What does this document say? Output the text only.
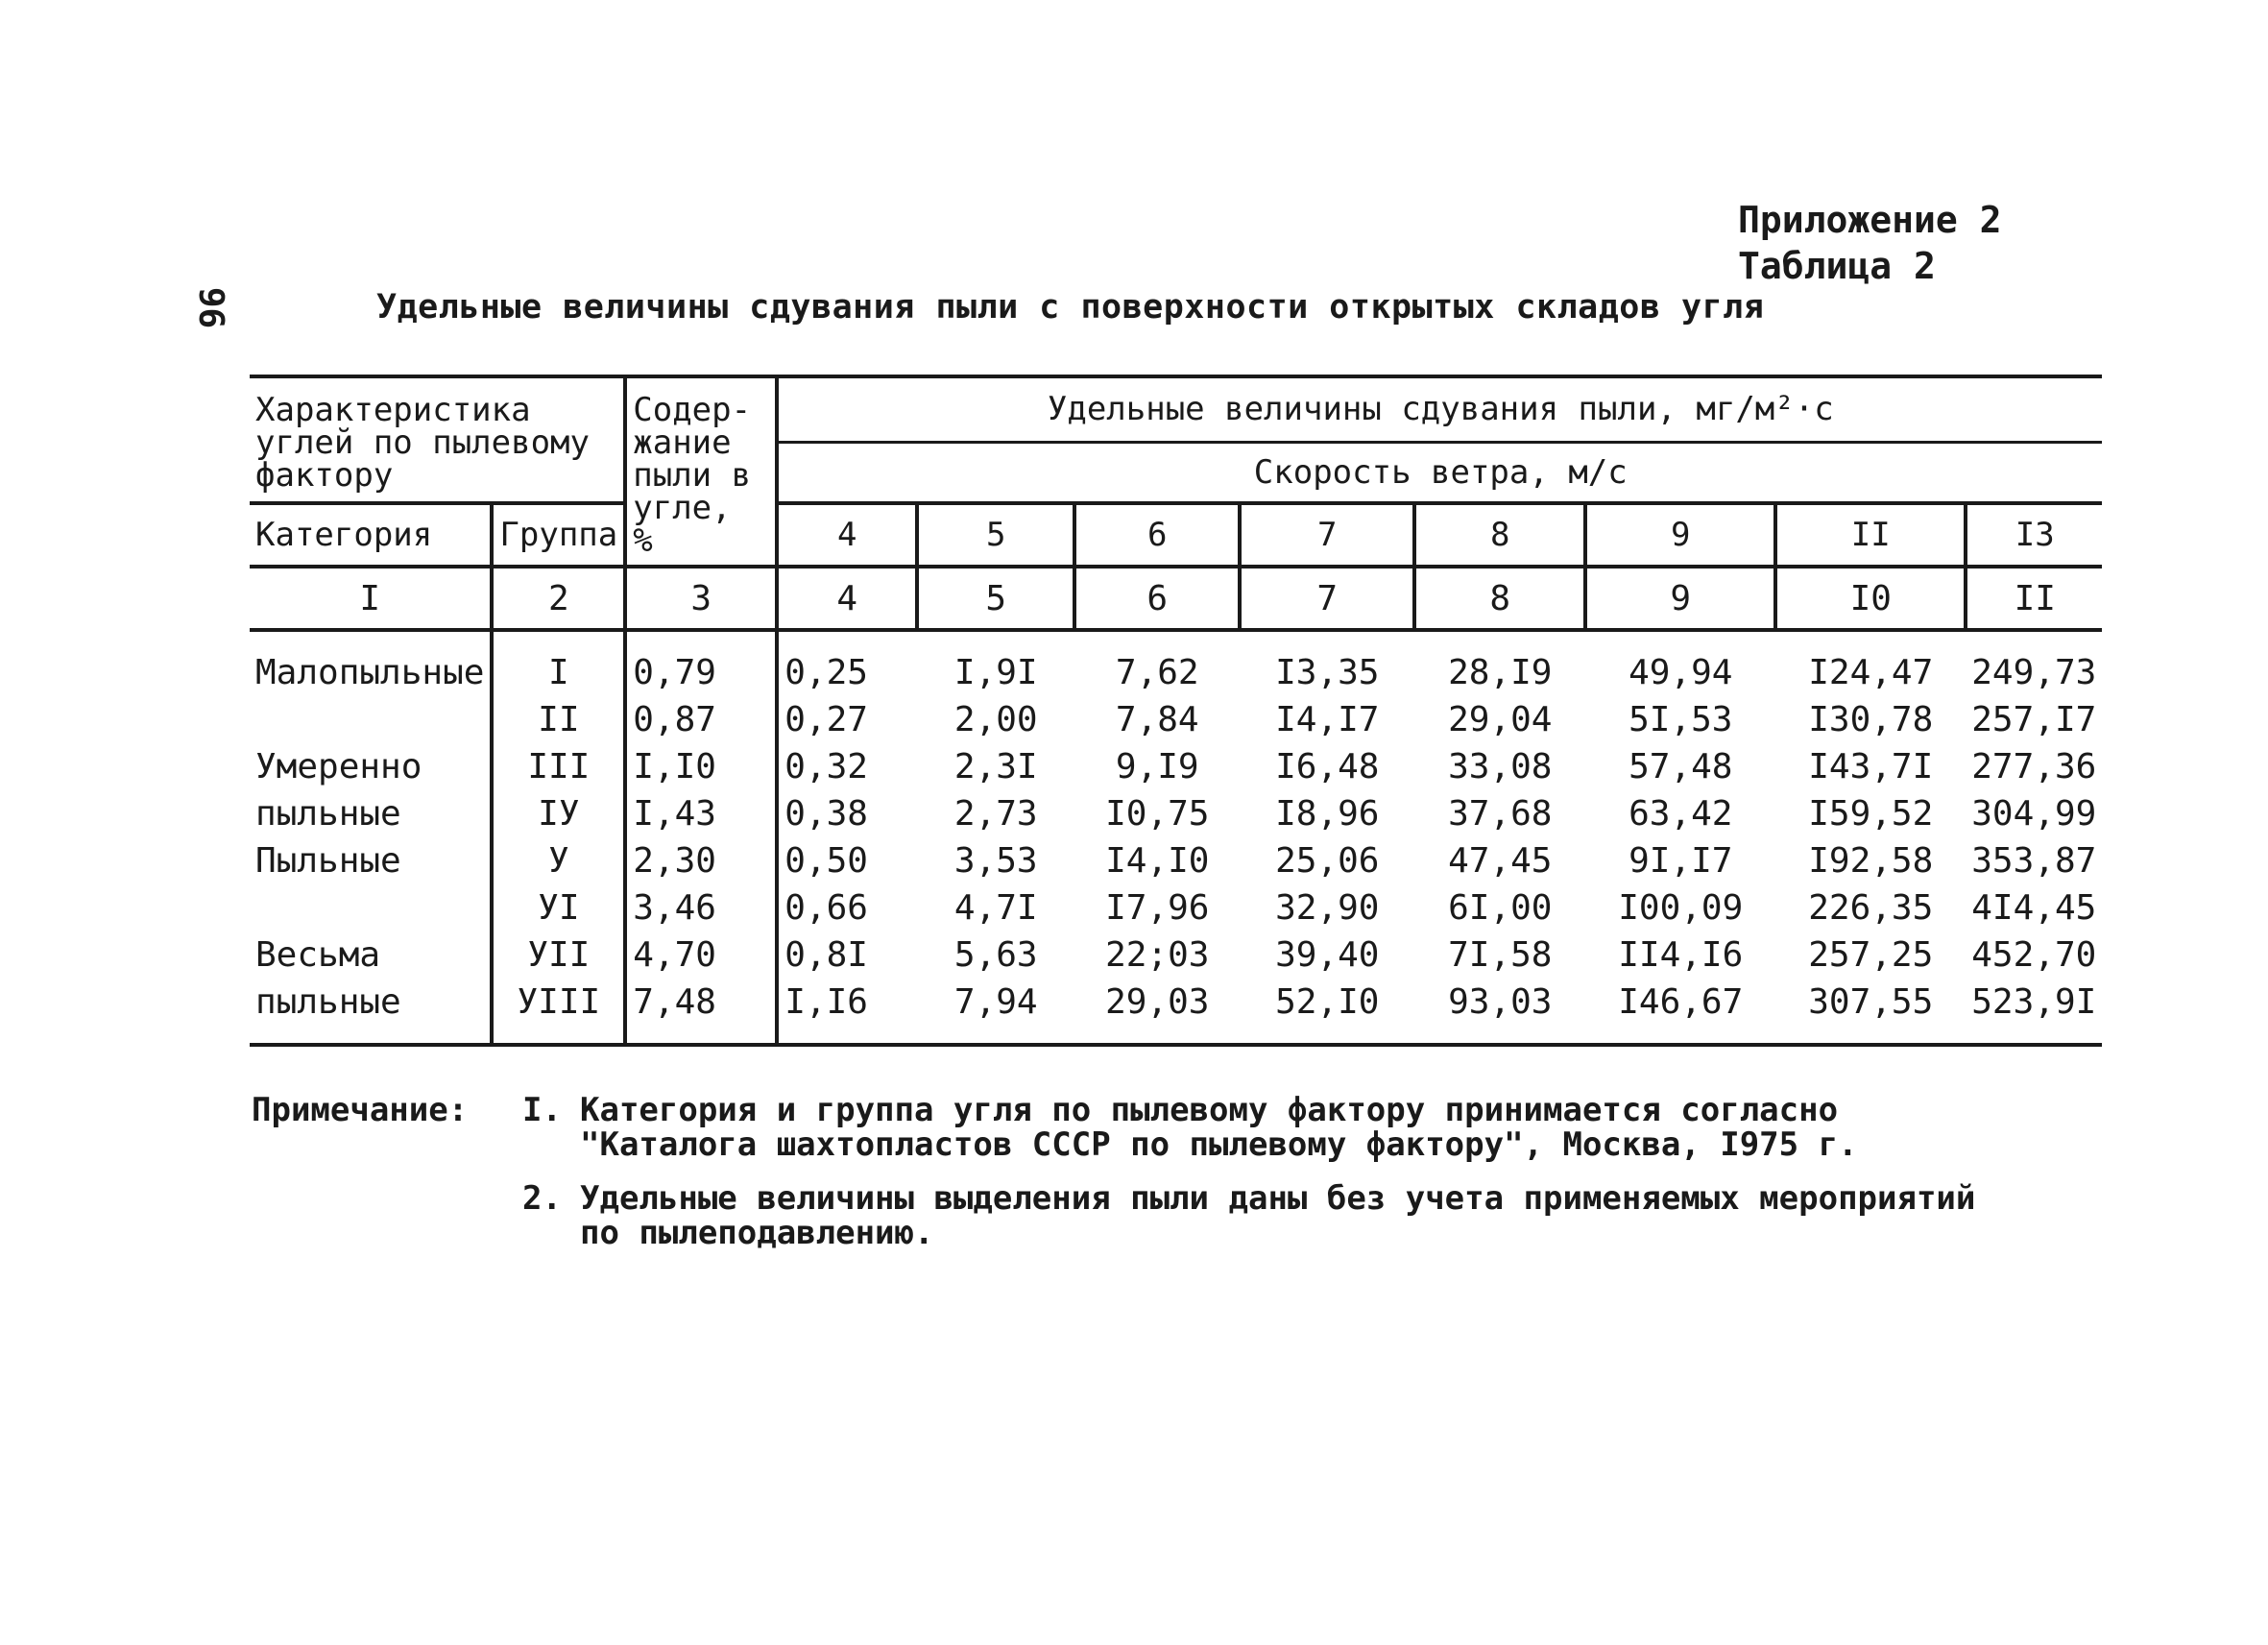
96
Приложение 2
Таблица 2
Удельные величины сдувания пыли с поверхности открытых складов угля
Характеристика углей по пылевому фактору		Содер- жание пыли в угле, %	Удельные величины сдувания пыли, мг/м²·с							
			Скорость ветра, м/с							
Категория	Группа		4	5	6	7	8	9	II	I3
I	2	3	4	5	6	7	8	9	I0	II
Малопыльные	I	0,79	0,25	I,9I	7,62	I3,35	28,I9	49,94	I24,47	249,73
	II	0,87	0,27	2,00	7,84	I4,I7	29,04	5I,53	I30,78	257,I7
Умеренно	III	I,I0	0,32	2,3I	9,I9	I6,48	33,08	57,48	I43,7I	277,36
пыльные	IУ	I,43	0,38	2,73	I0,75	I8,96	37,68	63,42	I59,52	304,99
Пыльные	У	2,30	0,50	3,53	I4,I0	25,06	47,45	9I,I7	I92,58	353,87
	УI	3,46	0,66	4,7I	I7,96	32,90	6I,00	I00,09	226,35	4I4,45
Весьма	УII	4,70	0,8I	5,63	22;03	39,40	7I,58	II4,I6	257,25	452,70
пыльные	УIII	7,48	I,I6	7,94	29,03	52,I0	93,03	I46,67	307,55	523,9I
Примечание:	I. Категория и группа угля по пылевому фактору принимается согласно "Каталога шахтопластов СССР по пылевому фактору", Москва, I975 г.
2. Удельные величины выделения пыли даны без учета применяемых мероприятий по пылеподавлению.
